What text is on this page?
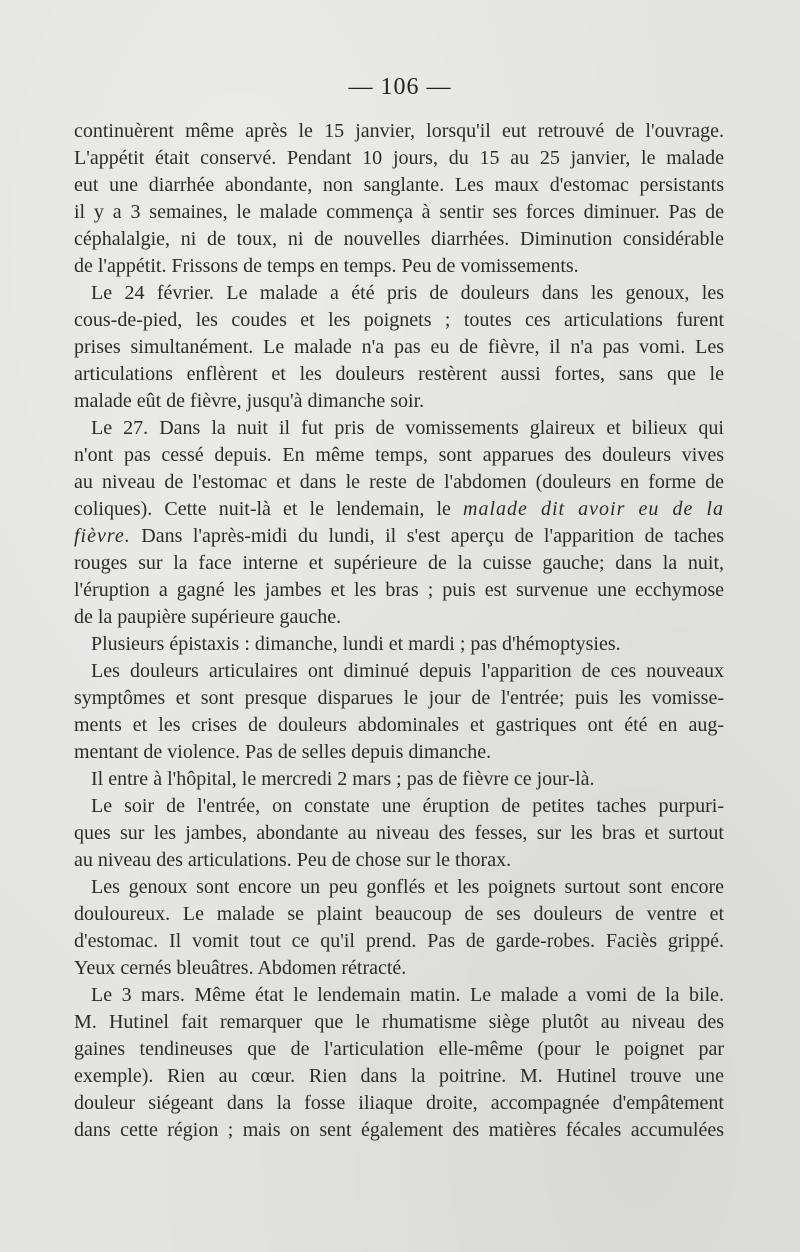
— 106 —
continuèrent même après le 15 janvier, lorsqu'il eut retrouvé de l'ouvrage.
L'appétit était conservé. Pendant 10 jours, du 15 au 25 janvier, le malade
eut une diarrhée abondante, non sanglante. Les maux d'estomac persistants
il y a 3 semaines, le malade commença à sentir ses forces diminuer. Pas de
céphalalgie, ni de toux, ni de nouvelles diarrhées. Diminution considérable
de l'appétit. Frissons de temps en temps. Peu de vomissements.
Le 24 février. Le malade a été pris de douleurs dans les genoux, les
cous-de-pied, les coudes et les poignets ; toutes ces articulations furent
prises simultanément. Le malade n'a pas eu de fièvre, il n'a pas vomi. Les
articulations enflèrent et les douleurs restèrent aussi fortes, sans que le
malade eût de fièvre, jusqu'à dimanche soir.
Le 27. Dans la nuit il fut pris de vomissements glaireux et bilieux qui
n'ont pas cessé depuis. En même temps, sont apparues des douleurs vives
au niveau de l'estomac et dans le reste de l'abdomen (douleurs en forme de
coliques). Cette nuit-là et le lendemain, le malade dit avoir eu de la
fièvre. Dans l'après-midi du lundi, il s'est aperçu de l'apparition de taches
rouges sur la face interne et supérieure de la cuisse gauche; dans la nuit,
l'éruption a gagné les jambes et les bras ; puis est survenue une ecchymose
de la paupière supérieure gauche.
Plusieurs épistaxis : dimanche, lundi et mardi ; pas d'hémoptysies.
Les douleurs articulaires ont diminué depuis l'apparition de ces nouveaux
symptômes et sont presque disparues le jour de l'entrée; puis les vomisse-
ments et les crises de douleurs abdominales et gastriques ont été en aug-
mentant de violence. Pas de selles depuis dimanche.
Il entre à l'hôpital, le mercredi 2 mars ; pas de fièvre ce jour-là.
Le soir de l'entrée, on constate une éruption de petites taches purpuri-
ques sur les jambes, abondante au niveau des fesses, sur les bras et surtout
au niveau des articulations. Peu de chose sur le thorax.
Les genoux sont encore un peu gonflés et les poignets surtout sont encore
douloureux. Le malade se plaint beaucoup de ses douleurs de ventre et
d'estomac. Il vomit tout ce qu'il prend. Pas de garde-robes. Faciès grippé.
Yeux cernés bleuâtres. Abdomen rétracté.
Le 3 mars. Même état le lendemain matin. Le malade a vomi de la bile.
M. Hutinel fait remarquer que le rhumatisme siège plutôt au niveau des
gaines tendineuses que de l'articulation elle-même (pour le poignet par
exemple). Rien au cœur. Rien dans la poitrine. M. Hutinel trouve une
douleur siégeant dans la fosse iliaque droite, accompagnée d'empâtement
dans cette région ; mais on sent également des matières fécales accumulées
